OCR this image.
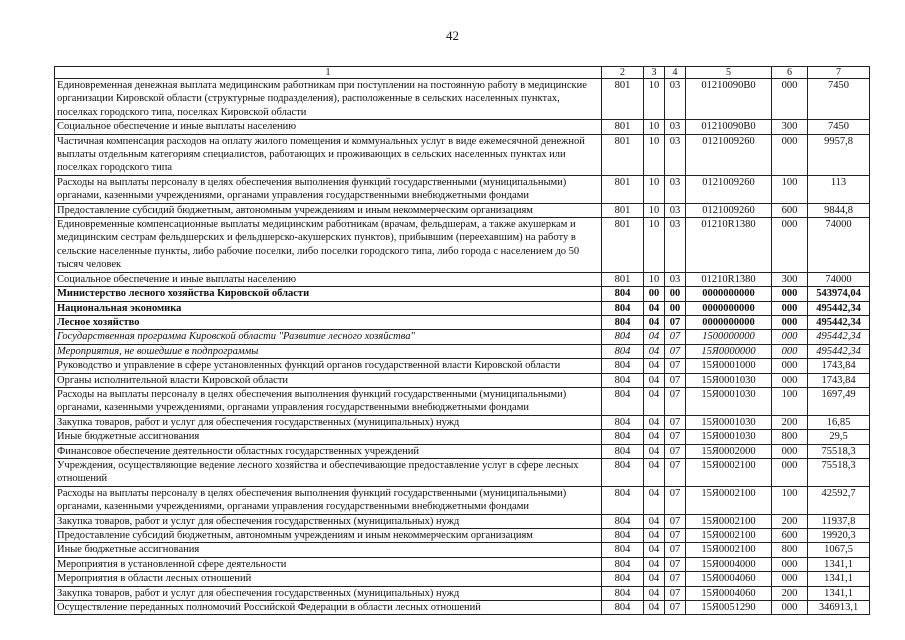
42
1	2	3	4	5	6	7
Единовременная денежная выплата медицинским работникам при поступлении на постоянную работу в медицинские организации Кировской области (структурные подразделения), расположенные в сельских населенных пунктах, поселках городского типа, поселках Кировской области	801	10	03	01210090B0	000	7450
Социальное обеспечение и иные выплаты населению	801	10	03	01210090B0	300	7450
Частичная компенсация расходов на оплату жилого помещения и коммунальных услуг в виде ежемесячной денежной выплаты отдельным категориям специалистов, работающих и проживающих в сельских населенных пунктах или поселках городского типа	801	10	03	0121009260	000	9957,8
Расходы на выплаты персоналу в целях обеспечения выполнения функций государственными (муниципальными) органами, казенными учреждениями, органами управления государственными внебюджетными фондами	801	10	03	0121009260	100	113
Предоставление субсидий бюджетным, автономным учреждениям и иным некоммерческим организациям	801	10	03	0121009260	600	9844,8
Единовременные компенсационные выплаты медицинским работникам (врачам, фельдшерам, а также акушеркам и медицинским сестрам фельдшерских и фельдшерско-акушерских пунктов), прибывшим (переехавшим) на работу в сельские населенные пункты, либо рабочие поселки, либо поселки городского типа, либо города с населением до 50 тысяч человек	801	10	03	01210R1380	000	74000
Социальное обеспечение и иные выплаты населению	801	10	03	01210R1380	300	74000
Министерство лесного хозяйства Кировской области	804	00	00	0000000000	000	543974,04
Национальная экономика	804	04	00	0000000000	000	495442,34
Лесное хозяйство	804	04	07	0000000000	000	495442,34
Государственная программа Кировской области "Развитие лесного хозяйства"	804	04	07	1500000000	000	495442,34
Мероприятия, не вошедшие в подпрограммы	804	04	07	15Я0000000	000	495442,34
Руководство и управление в сфере установленных функций органов государственной власти Кировской области	804	04	07	15Я0001000	000	1743,84
Органы исполнительной власти Кировской области	804	04	07	15Я0001030	000	1743,84
Расходы на выплаты персоналу в целях обеспечения выполнения функций государственными (муниципальными) органами, казенными учреждениями, органами управления государственными внебюджетными фондами	804	04	07	15Я0001030	100	1697,49
Закупка товаров, работ и услуг для обеспечения государственных (муниципальных) нужд	804	04	07	15Я0001030	200	16,85
Иные бюджетные ассигнования	804	04	07	15Я0001030	800	29,5
Финансовое обеспечение деятельности областных государственных учреждений	804	04	07	15Я0002000	000	75518,3
Учреждения, осуществляющие ведение лесного хозяйства и обеспечивающие предоставление услуг в сфере лесных отношений	804	04	07	15Я0002100	000	75518,3
Расходы на выплаты персоналу в целях обеспечения выполнения функций государственными (муниципальными) органами, казенными учреждениями, органами управления государственными внебюджетными фондами	804	04	07	15Я0002100	100	42592,7
Закупка товаров, работ и услуг для обеспечения государственных (муниципальных) нужд	804	04	07	15Я0002100	200	11937,8
Предоставление субсидий бюджетным, автономным учреждениям и иным некоммерческим организациям	804	04	07	15Я0002100	600	19920,3
Иные бюджетные ассигнования	804	04	07	15Я0002100	800	1067,5
Мероприятия в установленной сфере деятельности	804	04	07	15Я0004000	000	1341,1
Мероприятия в области лесных отношений	804	04	07	15Я0004060	000	1341,1
Закупка товаров, работ и услуг для обеспечения государственных (муниципальных) нужд	804	04	07	15Я0004060	200	1341,1
Осуществление переданных полномочий Российской Федерации в области лесных отношений	804	04	07	15Я0051290	000	346913,1
